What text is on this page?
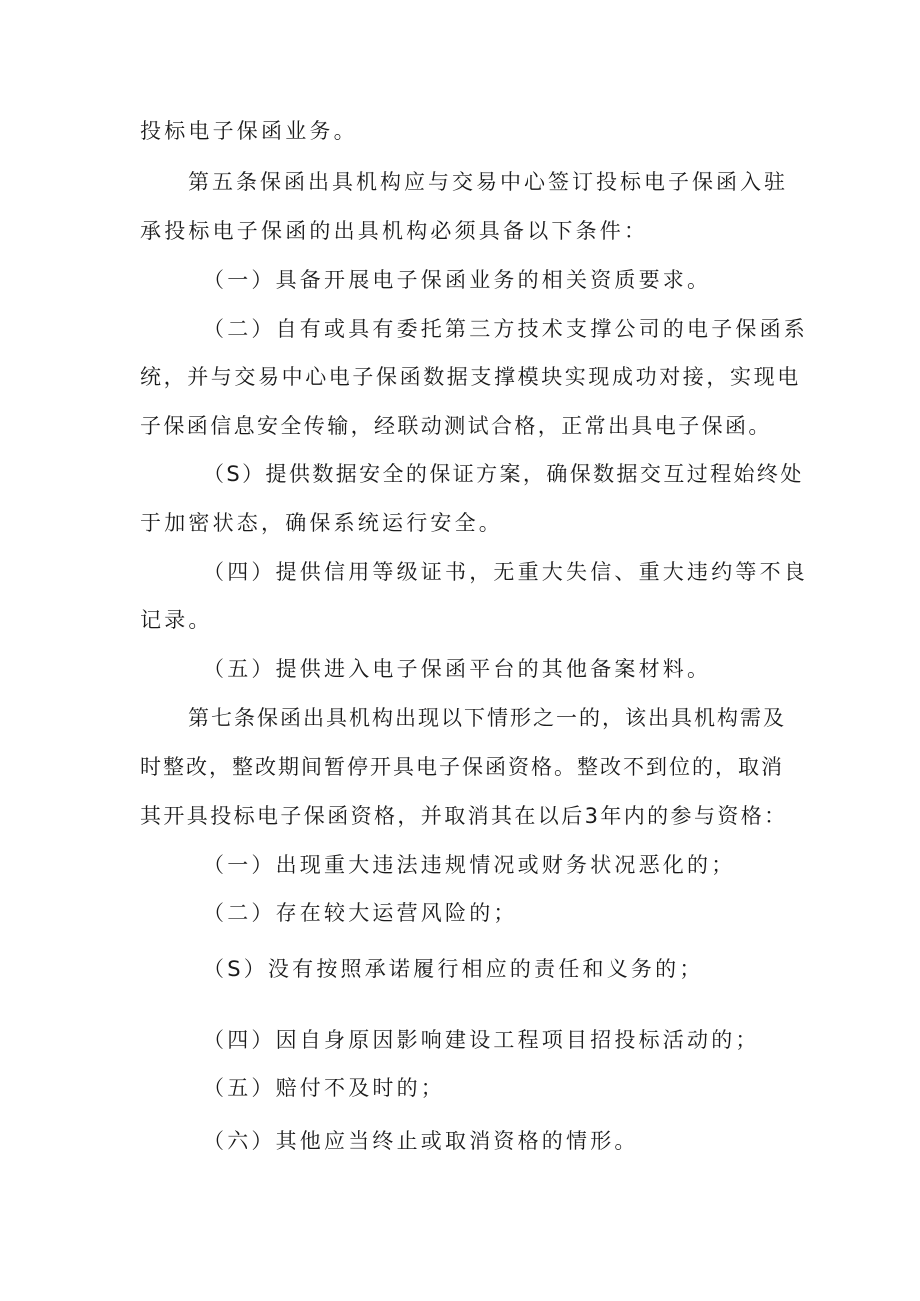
投标电子保函业务。
第五条保函出具机构应与交易中心签订投标电子保函入驻
承投标电子保函的出具机构必须具备以下条件：
（一）具备开展电子保函业务的相关资质要求。
（二）自有或具有委托第三方技术支撑公司的电子保函系
统，并与交易中心电子保函数据支撑模块实现成功对接，实现电
子保函信息安全传输，经联动测试合格，正常出具电子保函。
（S）提供数据安全的保证方案，确保数据交互过程始终处
于加密状态，确保系统运行安全。
（四）提供信用等级证书，无重大失信、重大违约等不良
记录。
（五）提供进入电子保函平台的其他备案材料。
第七条保函出具机构出现以下情形之一的，该出具机构需及
时整改，整改期间暂停开具电子保函资格。整改不到位的，取消
其开具投标电子保函资格，并取消其在以后3年内的参与资格：
（一）出现重大违法违规情况或财务状况恶化的；
（二）存在较大运营风险的；
（S）没有按照承诺履行相应的责任和义务的；
（四）因自身原因影响建设工程项目招投标活动的；
（五）赔付不及时的；
（六）其他应当终止或取消资格的情形。
